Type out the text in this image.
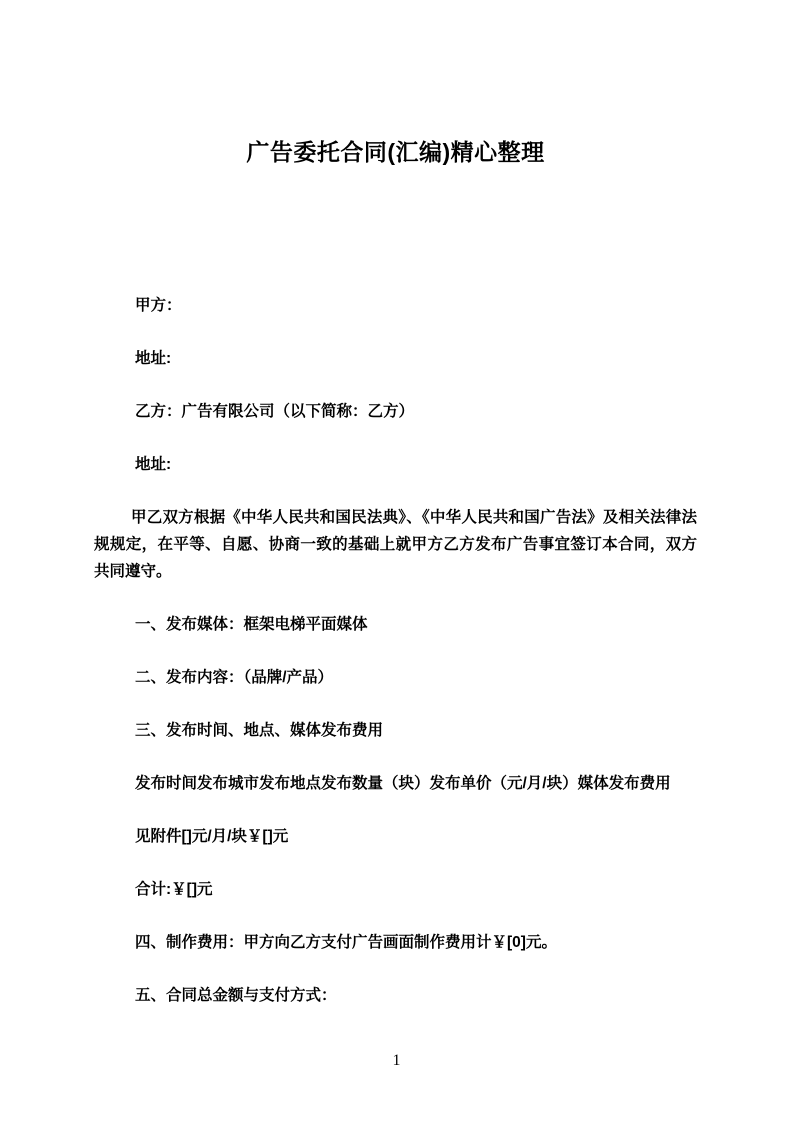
广告委托合同(汇编)精心整理

甲方：

地址:

乙方：广告有限公司（以下简称：乙方）

地址:

甲乙双方根据《中华人民共和国民法典》、《中华人民共和国广告法》及相关法律法规规定，在平等、自愿、协商一致的基础上就甲方乙方发布广告事宜签订本合同，双方共同遵守。

一、发布媒体：框架电梯平面媒体

二、发布内容：（品牌/产品）

三、发布时间、地点、媒体发布费用

发布时间发布城市发布地点发布数量（块）发布单价（元/月/块）媒体发布费用

见附件[]元/月/块￥[]元

合计:￥[]元

四、制作费用：甲方向乙方支付广告画面制作费用计￥[0]元。

五、合同总金额与支付方式：

1
